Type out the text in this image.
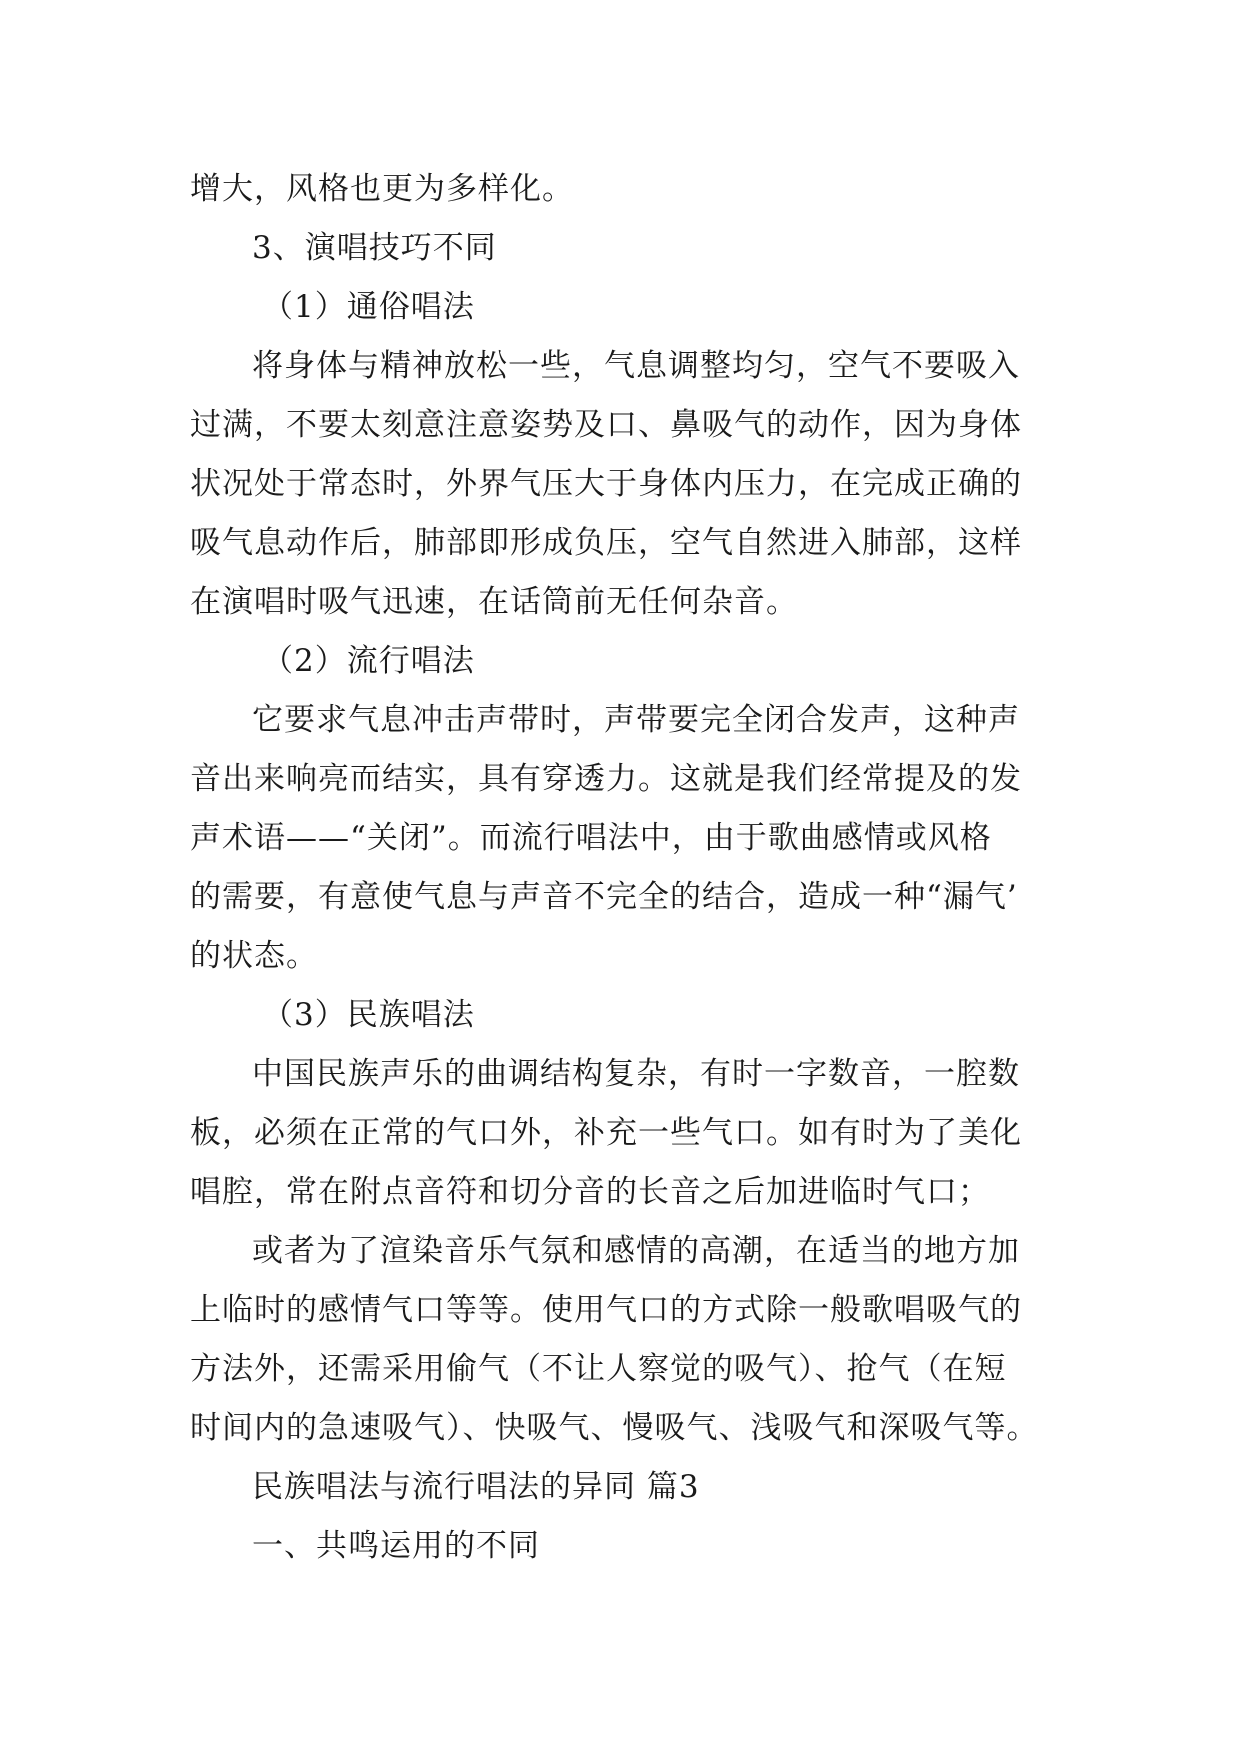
增大，风格也更为多样化。

3、演唱技巧不同

（1）通俗唱法

将身体与精神放松一些，气息调整均匀，空气不要吸入

过满，不要太刻意注意姿势及口、鼻吸气的动作，因为身体

状况处于常态时，外界气压大于身体内压力，在完成正确的

吸气息动作后，肺部即形成负压，空气自然进入肺部，这样

在演唱时吸气迅速，在话筒前无任何杂音。

（2）流行唱法

它要求气息冲击声带时，声带要完全闭合发声，这种声

音出来响亮而结实，具有穿透力。这就是我们经常提及的发

声术语——“关闭”。而流行唱法中，由于歌曲感情或风格

的需要，有意使气息与声音不完全的结合，造成一种“漏气’

的状态。

（3）民族唱法

中国民族声乐的曲调结构复杂，有时一字数音，一腔数

板，必须在正常的气口外，补充一些气口。如有时为了美化

唱腔，常在附点音符和切分音的长音之后加进临时气口；

或者为了渲染音乐气氛和感情的高潮，在适当的地方加

上临时的感情气口等等。使用气口的方式除一般歌唱吸气的

方法外，还需采用偷气（不让人察觉的吸气）、抢气（在短

时间内的急速吸气）、快吸气、慢吸气、浅吸气和深吸气等。

民族唱法与流行唱法的异同 篇3

一、共鸣运用的不同
